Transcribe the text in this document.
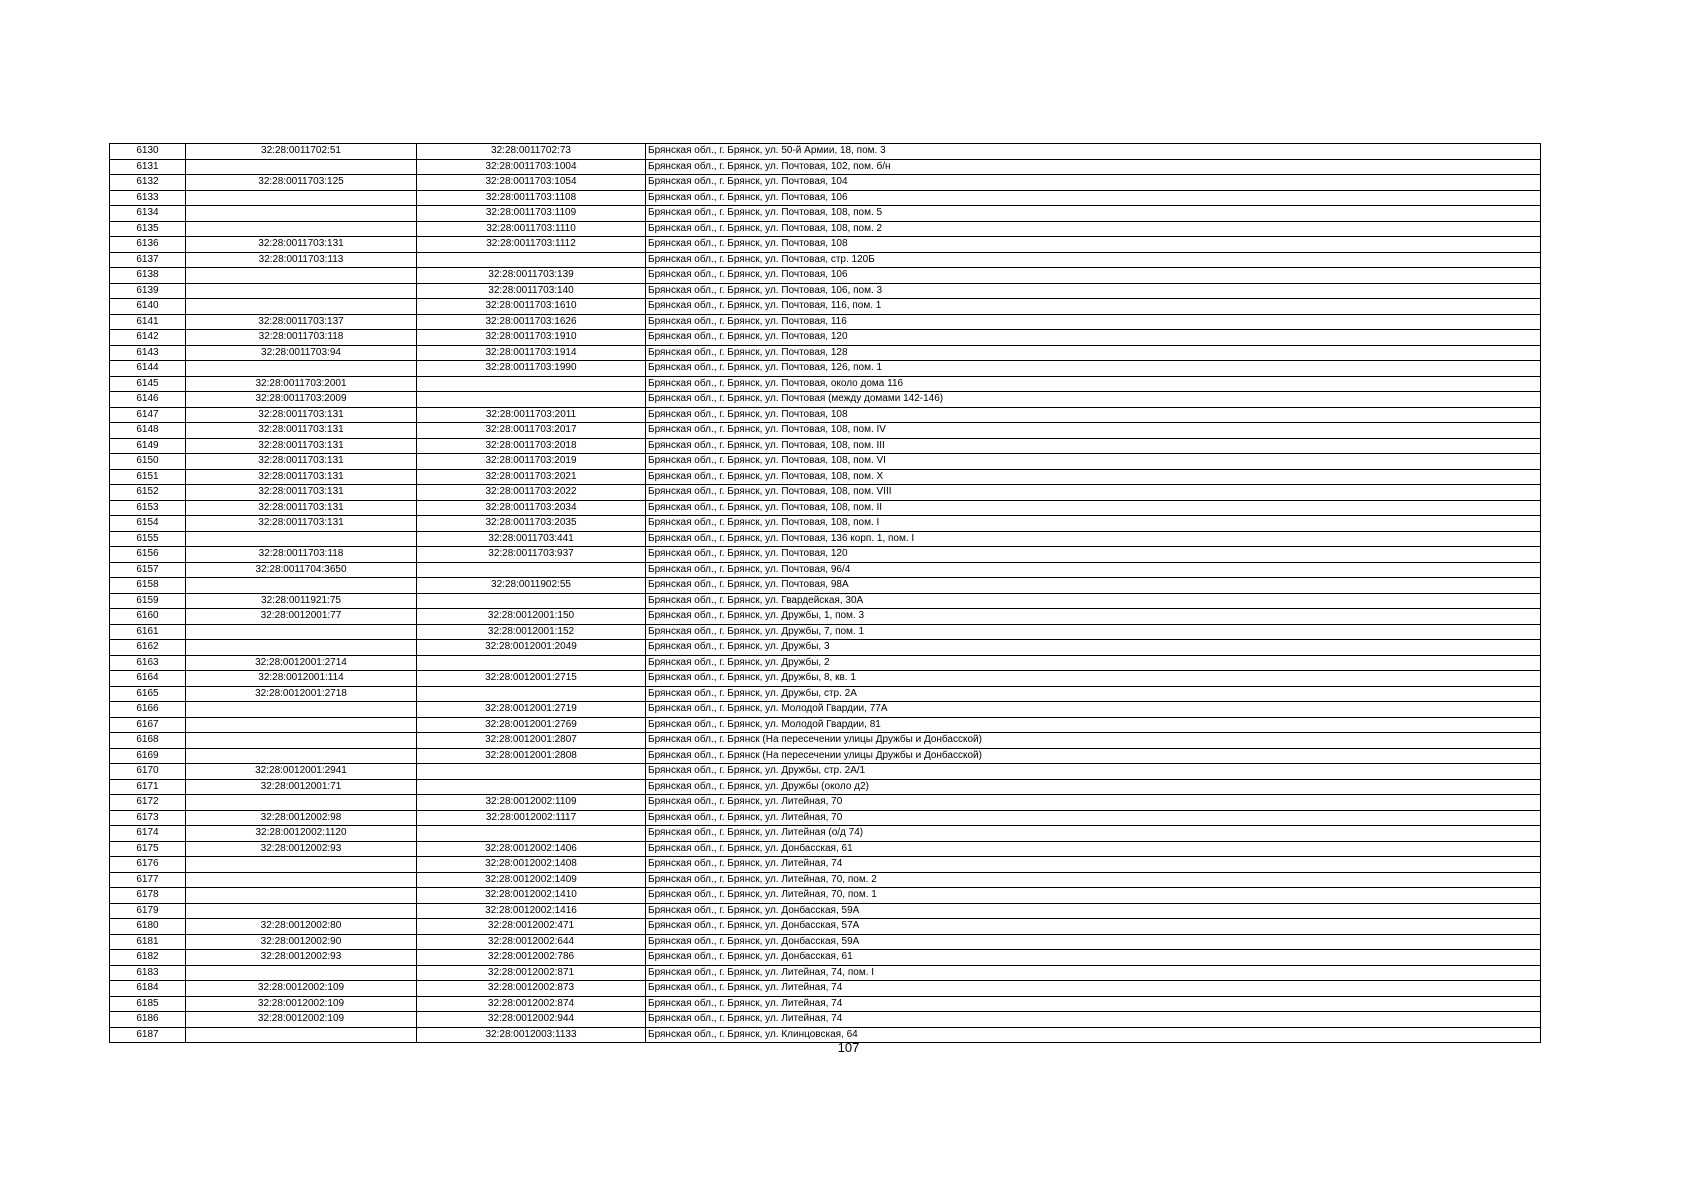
6130	32:28:0011702:51	32:28:0011702:73	Брянская обл., г. Брянск, ул. 50-й Армии, 18, пом. 3
6131		32:28:0011703:1004	Брянская обл., г. Брянск, ул. Почтовая, 102, пом. б/н
6132	32:28:0011703:125	32:28:0011703:1054	Брянская обл., г. Брянск, ул. Почтовая, 104
6133		32:28:0011703:1108	Брянская обл., г. Брянск, ул. Почтовая, 106
6134		32:28:0011703:1109	Брянская обл., г. Брянск, ул. Почтовая, 108, пом. 5
6135		32:28:0011703:1110	Брянская обл., г. Брянск, ул. Почтовая, 108, пом. 2
6136	32:28:0011703:131	32:28:0011703:1112	Брянская обл., г. Брянск, ул. Почтовая, 108
6137	32:28:0011703:113		Брянская обл., г. Брянск, ул. Почтовая, стр. 120Б
6138		32:28:0011703:139	Брянская обл., г. Брянск, ул. Почтовая, 106
6139		32:28:0011703:140	Брянская обл., г. Брянск, ул. Почтовая, 106, пом. 3
6140		32:28:0011703:1610	Брянская обл., г. Брянск, ул. Почтовая, 116, пом. 1
6141	32:28:0011703:137	32:28:0011703:1626	Брянская обл., г. Брянск, ул. Почтовая, 116
6142	32:28:0011703:118	32:28:0011703:1910	Брянская обл., г. Брянск, ул. Почтовая, 120
6143	32:28:0011703:94	32:28:0011703:1914	Брянская обл., г. Брянск, ул. Почтовая, 128
6144		32:28:0011703:1990	Брянская обл., г. Брянск, ул. Почтовая, 126, пом. 1
6145	32:28:0011703:2001		Брянская обл., г. Брянск, ул. Почтовая, около дома 116
6146	32:28:0011703:2009		Брянская обл., г. Брянск, ул. Почтовая (между домами 142-146)
6147	32:28:0011703:131	32:28:0011703:2011	Брянская обл., г. Брянск, ул. Почтовая, 108
6148	32:28:0011703:131	32:28:0011703:2017	Брянская обл., г. Брянск, ул. Почтовая, 108, пом. IV
6149	32:28:0011703:131	32:28:0011703:2018	Брянская обл., г. Брянск, ул. Почтовая, 108, пом. III
6150	32:28:0011703:131	32:28:0011703:2019	Брянская обл., г. Брянск, ул. Почтовая, 108, пом. VI
6151	32:28:0011703:131	32:28:0011703:2021	Брянская обл., г. Брянск, ул. Почтовая, 108, пом. X
6152	32:28:0011703:131	32:28:0011703:2022	Брянская обл., г. Брянск, ул. Почтовая, 108, пом. VIII
6153	32:28:0011703:131	32:28:0011703:2034	Брянская обл., г. Брянск, ул. Почтовая, 108, пом. II
6154	32:28:0011703:131	32:28:0011703:2035	Брянская обл., г. Брянск, ул. Почтовая, 108, пом. I
6155		32:28:0011703:441	Брянская обл., г. Брянск, ул. Почтовая, 136 корп. 1, пом. I
6156	32:28:0011703:118	32:28:0011703:937	Брянская обл., г. Брянск, ул. Почтовая, 120
6157	32:28:0011704:3650		Брянская обл., г. Брянск, ул. Почтовая, 96/4
6158		32:28:0011902:55	Брянская обл., г. Брянск, ул. Почтовая, 98А
6159	32:28:0011921:75		Брянская обл., г. Брянск, ул. Гвардейская, 30А
6160	32:28:0012001:77	32:28:0012001:150	Брянская обл., г. Брянск, ул. Дружбы, 1, пом. 3
6161		32:28:0012001:152	Брянская обл., г. Брянск, ул. Дружбы, 7, пом. 1
6162		32:28:0012001:2049	Брянская обл., г. Брянск, ул. Дружбы, 3
6163	32:28:0012001:2714		Брянская обл., г. Брянск, ул. Дружбы, 2
6164	32:28:0012001:114	32:28:0012001:2715	Брянская обл., г. Брянск, ул. Дружбы, 8, кв. 1
6165	32:28:0012001:2718		Брянская обл., г. Брянск, ул. Дружбы, стр. 2А
6166		32:28:0012001:2719	Брянская обл., г. Брянск, ул. Молодой Гвардии, 77А
6167		32:28:0012001:2769	Брянская обл., г. Брянск, ул. Молодой Гвардии, 81
6168		32:28:0012001:2807	Брянская обл., г. Брянск (На пересечении улицы Дружбы и Донбасской)
6169		32:28:0012001:2808	Брянская обл., г. Брянск (На пересечении улицы Дружбы и Донбасской)
6170	32:28:0012001:2941		Брянская обл., г. Брянск, ул. Дружбы, стр. 2А/1
6171	32:28:0012001:71		Брянская обл., г. Брянск, ул. Дружбы (около д2)
6172		32:28:0012002:1109	Брянская обл., г. Брянск, ул. Литейная, 70
6173	32:28:0012002:98	32:28:0012002:1117	Брянская обл., г. Брянск, ул. Литейная, 70
6174	32:28:0012002:1120		Брянская обл., г. Брянск, ул. Литейная (о/д 74)
6175	32:28:0012002:93	32:28:0012002:1406	Брянская обл., г. Брянск, ул. Донбасская, 61
6176		32:28:0012002:1408	Брянская обл., г. Брянск, ул. Литейная, 74
6177		32:28:0012002:1409	Брянская обл., г. Брянск, ул. Литейная, 70, пом. 2
6178		32:28:0012002:1410	Брянская обл., г. Брянск, ул. Литейная, 70, пом. 1
6179		32:28:0012002:1416	Брянская обл., г. Брянск, ул. Донбасская, 59А
6180	32:28:0012002:80	32:28:0012002:471	Брянская обл., г. Брянск, ул. Донбасская, 57А
6181	32:28:0012002:90	32:28:0012002:644	Брянская обл., г. Брянск, ул. Донбасская, 59А
6182	32:28:0012002:93	32:28:0012002:786	Брянская обл., г. Брянск, ул. Донбасская, 61
6183		32:28:0012002:871	Брянская обл., г. Брянск, ул. Литейная, 74, пом. I
6184	32:28:0012002:109	32:28:0012002:873	Брянская обл., г. Брянск, ул. Литейная, 74
6185	32:28:0012002:109	32:28:0012002:874	Брянская обл., г. Брянск, ул. Литейная, 74
6186	32:28:0012002:109	32:28:0012002:944	Брянская обл., г. Брянск, ул. Литейная, 74
6187		32:28:0012003:1133	Брянская обл., г. Брянск, ул. Клинцовская, 64
107
